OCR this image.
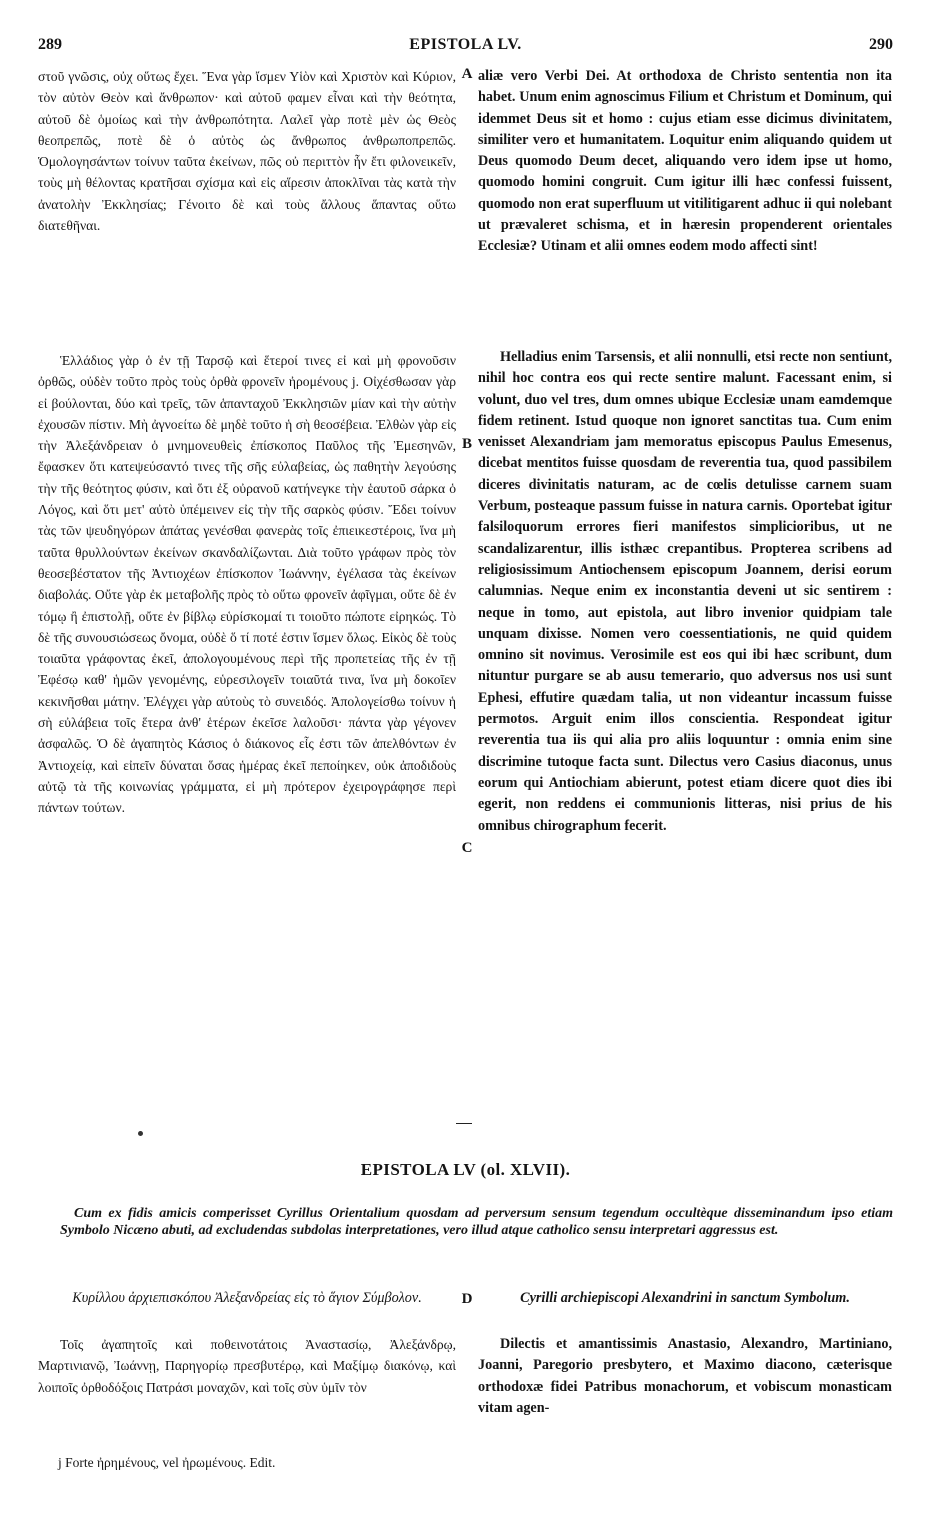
289	EPISTOLA LV.	290

στοῦ γνῶσις, οὐχ οὕτως ἔχει. Ἕνα γὰρ ἴσμεν Υἱὸν καὶ Χριστὸν καὶ Κύριον, τὸν αὐτὸν Θεὸν καὶ ἄνθρωπον· καὶ αὐτοῦ φαμεν εἶναι καὶ τὴν θεότητα, αὐτοῦ δὲ ὁμοίως καὶ τὴν ἀνθρωπότητα. Λαλεῖ γὰρ ποτὲ μὲν ὡς Θεὸς θεοπρεπῶς, ποτὲ δὲ ὁ αὐτὸς ὡς ἄνθρωπος ἀνθρωποπρεπῶς. Ὁμολογησάντων τοίνυν ταῦτα ἐκείνων, πῶς οὐ περιττὸν ἦν ἔτι φιλονεικεῖν, τοὺς μὴ θέλοντας κρατῆσαι σχίσμα καὶ εἰς αἵρεσιν ἀποκλῖναι τὰς κατὰ τὴν ἀνατολὴν Ἐκκλησίας; Γένοιτο δὲ καὶ τοὺς ἄλλους ἅπαντας οὕτω διατεθῆναι.

Ἑλλάδιος γὰρ ὁ ἐν τῇ Ταρσῷ καὶ ἕτεροί τινες εἰ καὶ μὴ φρονοῦσιν ὀρθῶς, οὐδὲν τοῦτο πρὸς τοὺς ὀρθὰ φρονεῖν ἠρομένους j. Οἰχέσθωσαν γὰρ εἰ βούλονται, δύο καὶ τρεῖς, τῶν ἁπανταχοῦ Ἐκκλησιῶν μίαν καὶ τὴν αὐτὴν ἐχουσῶν πίστιν. Μὴ ἀγνοείτω δὲ μηδὲ τοῦτο ἡ σὴ θεοσέβεια. Ἐλθὼν γὰρ εἰς τὴν Ἀλεξάνδρειαν ὁ μνημονευθεὶς ἐπίσκοπος Παῦλος τῆς Ἐμεσηνῶν, ἔφασκεν ὅτι κατεψεύσαντό τινες τῆς σῆς εὐλαβείας, ὡς παθητὴν λεγούσης τὴν τῆς θεότητος φύσιν, καὶ ὅτι ἐξ οὐρανοῦ κατήνεγκε τὴν ἑαυτοῦ σάρκα ὁ Λόγος, καὶ ὅτι μετ' αὐτὸ ὑπέμεινεν εἰς τὴν τῆς σαρκὸς φύσιν. Ἔδει τοίνυν τὰς τῶν ψευδηγόρων ἀπάτας γενέσθαι φανερὰς τοῖς ἐπιεικεστέροις, ἵνα μὴ ταῦτα θρυλλούντων ἐκείνων σκανδαλίζωνται. Διὰ τοῦτο γράφων πρὸς τὸν θεοσεβέστατον τῆς Ἀντιοχέων ἐπίσκοπον Ἰωάννην, ἐγέλασα τὰς ἐκείνων διαβολάς. Οὔτε γὰρ ἐκ μεταβολῆς πρὸς τὸ οὕτω φρονεῖν ἀφῖγμαι, οὔτε δὲ ἐν τόμῳ ἢ ἐπιστολῇ, οὔτε ἐν βίβλῳ εὑρίσκομαί τι τοιοῦτο πώποτε εἰρηκώς. Τὸ δὲ τῆς συνουσιώσεως ὄνομα, οὐδὲ ὅ τί ποτέ ἐστιν ἴσμεν ὅλως. Εἰκὸς δὲ τοὺς τοιαῦτα γράφοντας ἐκεῖ, ἀπολογουμένους περὶ τῆς προπετείας τῆς ἐν τῇ Ἐφέσῳ καθ' ἡμῶν γενομένης, εὑρεσιλογεῖν τοιαῦτά τινα, ἵνα μὴ δοκοῖεν κεκινῆσθαι μάτην. Ἐλέγχει γὰρ αὐτοὺς τὸ συνειδός. Ἀπολογείσθω τοίνυν ἡ σὴ εὐλάβεια τοῖς ἕτερα ἀνθ' ἑτέρων ἐκεῖσε λαλοῦσι· πάντα γὰρ γέγονεν ἀσφαλῶς. Ὁ δὲ ἀγαπητὸς Κάσιος ὁ διάκονος εἷς ἐστι τῶν ἀπελθόντων ἐν Ἀντιοχείᾳ, καὶ εἰπεῖν δύναται ὅσας ἡμέρας ἐκεῖ πεποίηκεν, οὐκ ἀποδιδοὺς αὐτῷ τὰ τῆς κοινωνίας γράμματα, εἰ μὴ πρότερον ἐχειρογράφησε περὶ πάντων τούτων.

aliæ vero Verbi Dei. At orthodoxa de Christo sententia non ita habet. Unum enim agnoscimus Filium et Christum et Dominum, qui idemmet Deus sit et homo : cujus etiam esse dicimus divinitatem, similiter vero et humanitatem. Loquitur enim aliquando quidem ut Deus quomodo Deum decet, aliquando vero idem ipse ut homo, quomodo homini congruit. Cum igitur illi hæc confessi fuissent, quomodo non erat superfluum ut vitilitigarent adhuc ii qui nolebant ut prævaleret schisma, et in hæresin propenderent orientales Ecclesiæ? Utinam et alii omnes eodem modo affecti sint!

Helladius enim Tarsensis, et alii nonnulli, etsi recte non sentiunt, nihil hoc contra eos qui recte sentire malunt. Facessant enim, si volunt, duo vel tres, dum omnes ubique Ecclesiæ unam eamdemque fidem retinent. Istud quoque non ignoret sanctitas tua. Cum enim venisset Alexandriam jam memoratus episcopus Paulus Emesenus, dicebat mentitos fuisse quosdam de reverentia tua, quod passibilem diceres divinitatis naturam, ac de cœlis detulisse carnem suam Verbum, posteaque passum fuisse in natura carnis. Oportebat igitur falsiloquorum errores fieri manifestos simplicioribus, ut ne scandalizarentur, illis isthæc crepantibus. Propterea scribens ad religiosissimum Antiochensem episcopum Joannem, derisi eorum calumnias. Neque enim ex inconstantia deveni ut sic sentirem : neque in tomo, aut epistola, aut libro invenior quidpiam tale unquam dixisse. Nomen vero coessentiationis, ne quid quidem omnino sit novimus. Verosimile est eos qui ibi hæc scribunt, dum nituntur purgare se ab ausu temerario, quo adversus nos usi sunt Ephesi, effutire quædam talia, ut non videantur incassum fuisse permotos. Arguit enim illos conscientia. Respondeat igitur reverentia tua iis qui alia pro aliis loquuntur : omnia enim sine discrimine tutoque facta sunt. Dilectus vero Casius diaconus, unus eorum qui Antiochiam abierunt, potest etiam dicere quot dies ibi egerit, non reddens ei communionis litteras, nisi prius de his omnibus chirographum fecerit.

A
B
C
D
EPISTOLA LV (ol. XLVII).
Cum ex fidis amicis comperisset Cyrillus Orientalium quosdam ad perversum sensum tegendum occultèque disseminandum ipso etiam Symbolo Nicæno abuti, ad excludendas subdolas interpretationes, vero illud atque catholico sensu interpretari aggressus est.
Κυρίλλου ἀρχιεπισκόπου Ἀλεξανδρείας εἰς τὸ ἅγιον Σύμβολον.	Cyrilli archiepiscopi Alexandrini in sanctum Symbolum.

Τοῖς ἀγαπητοῖς καὶ ποθεινοτάτοις Ἀναστασίῳ, Ἀλεξάνδρῳ, Μαρτινιανῷ, Ἰωάννῃ, Παρηγορίῳ πρεσβυτέρῳ, καὶ Μαξίμῳ διακόνῳ, καὶ λοιποῖς ὀρθοδόξοις Πατράσι μοναχῶν, καὶ τοῖς σὺν ὑμῖν τὸν

Dilectis et amantissimis Anastasio, Alexandro, Martiniano, Joanni, Paregorio presbytero, et Maximo diacono, cæterisque orthodoxæ fidei Patribus monachorum, et vobiscum monasticam vitam agen-

j Forte ἠρημένους, vel ἠρωμένους. Edit.
